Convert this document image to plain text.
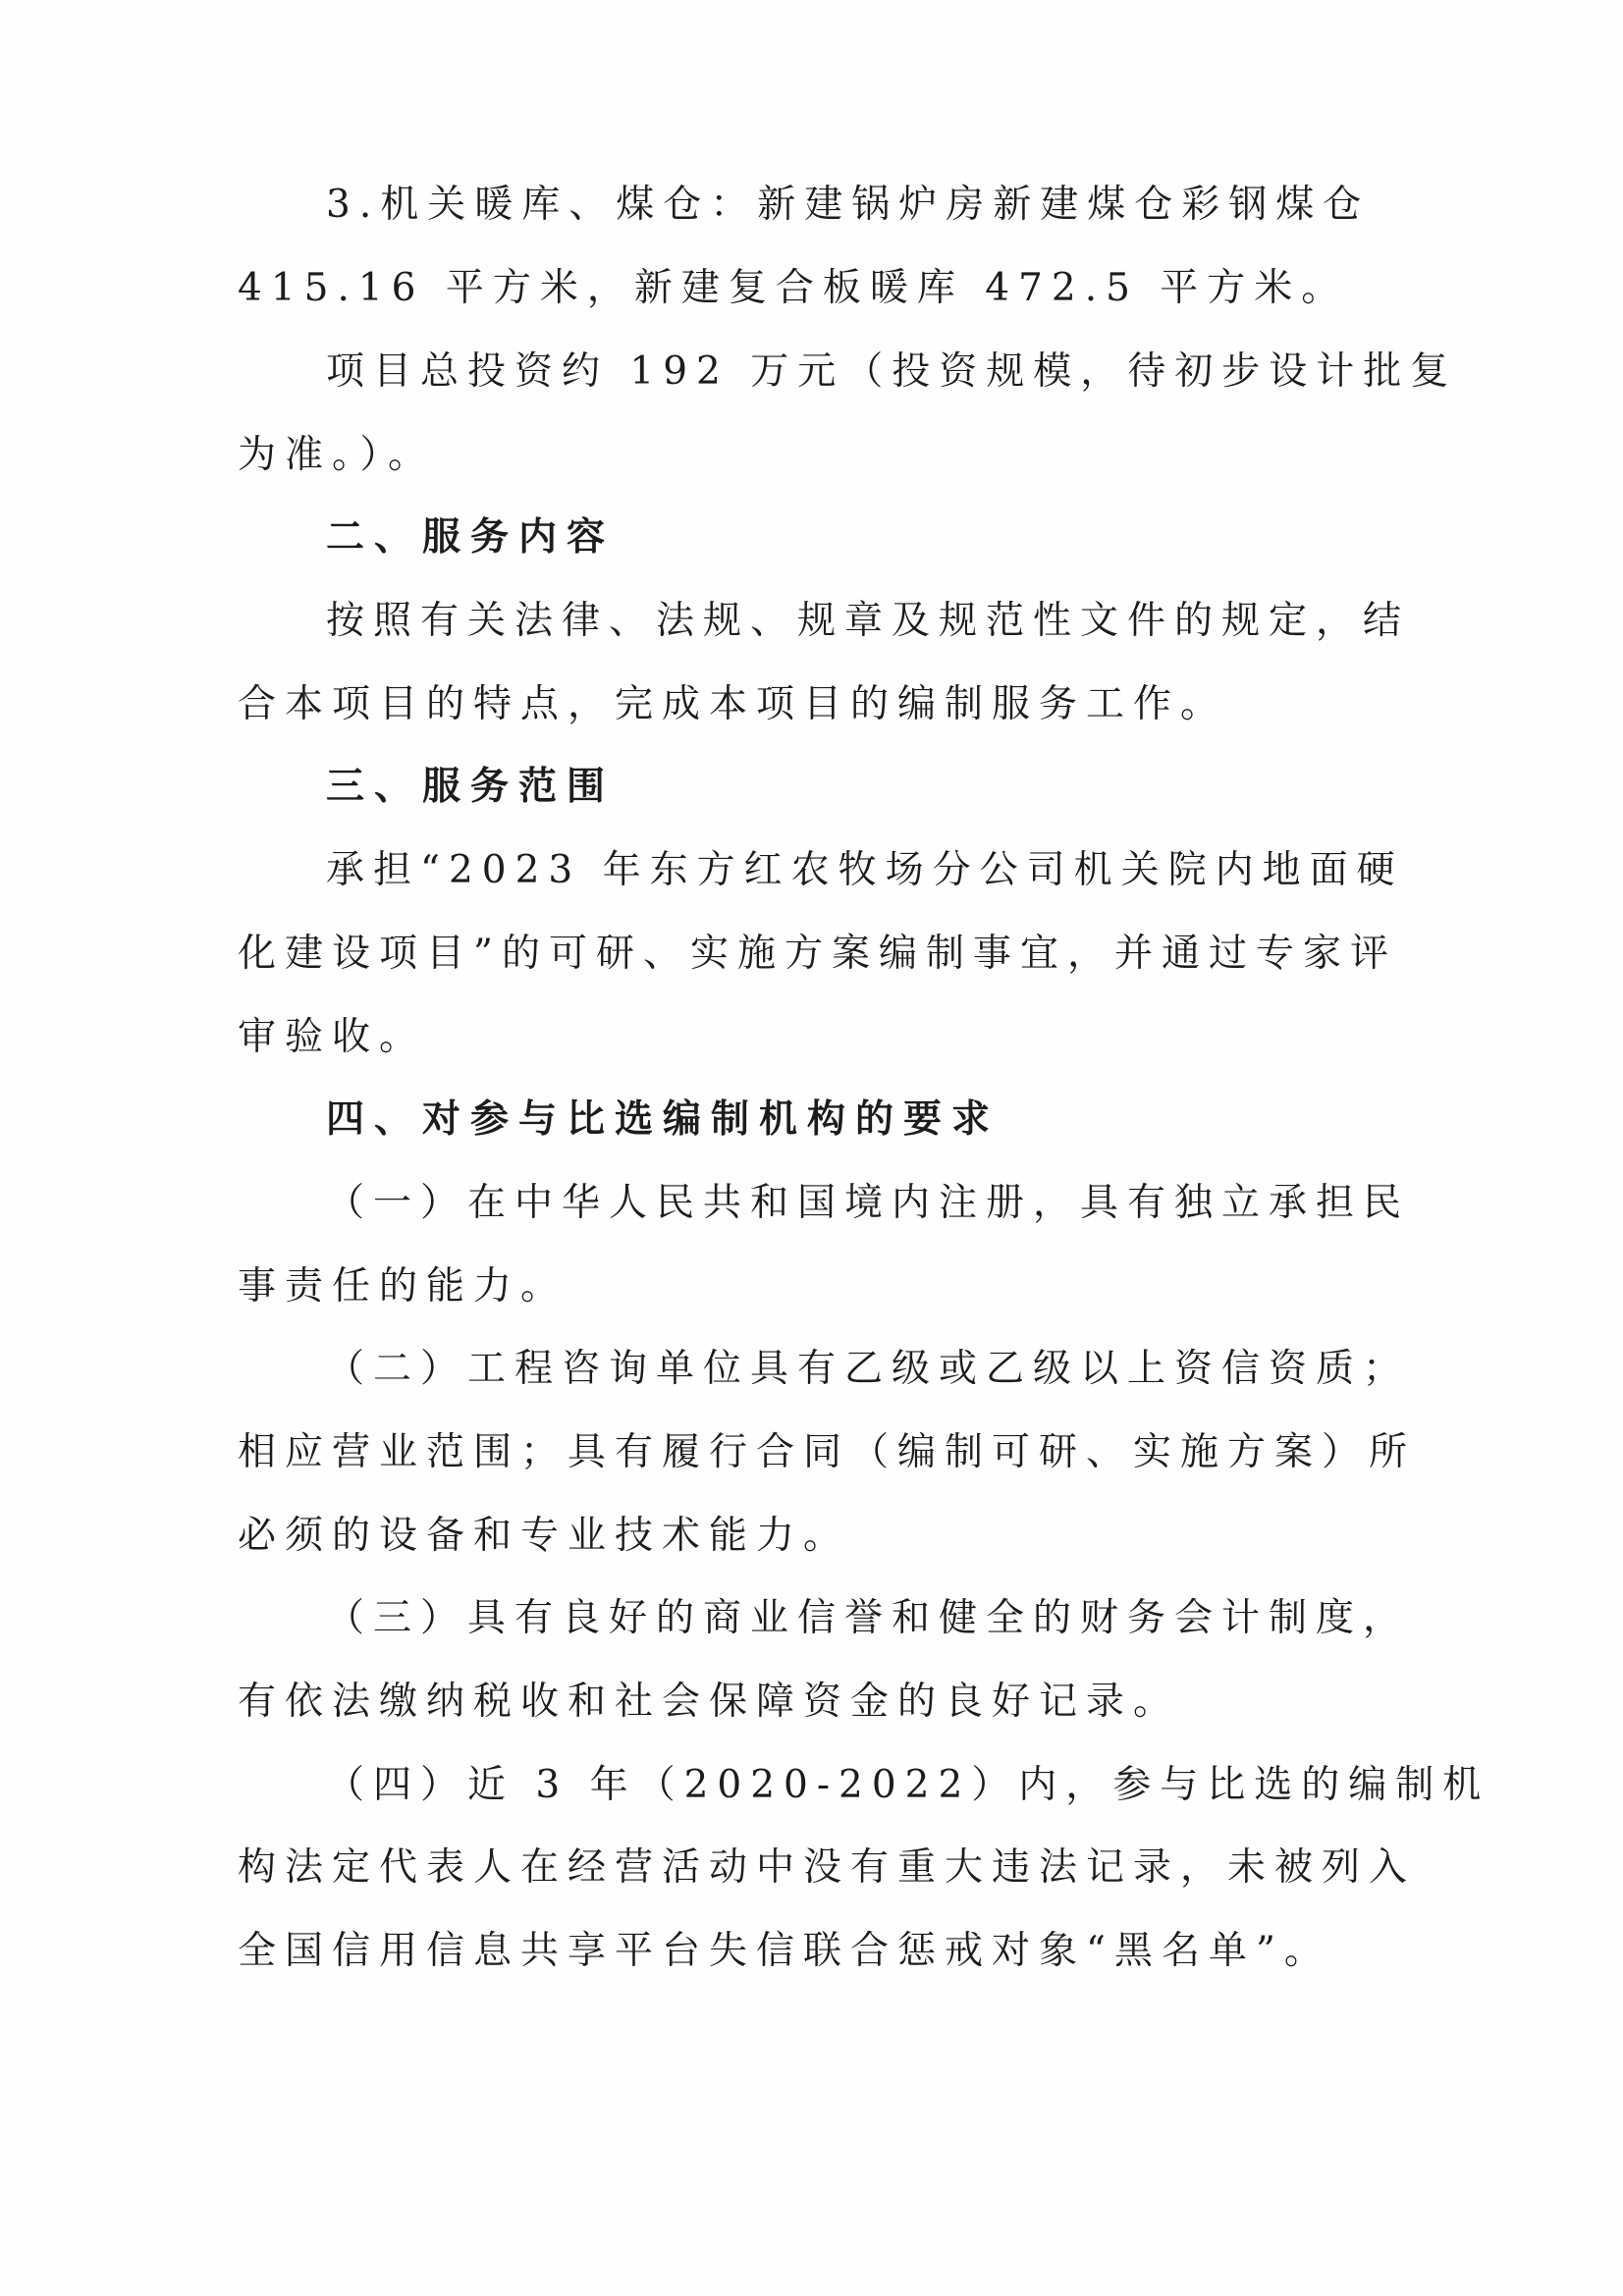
3.机关暖库、煤仓：新建锅炉房新建煤仓彩钢煤仓
415.16 平方米，新建复合板暖库 472.5 平方米。
项目总投资约 192 万元（投资规模，待初步设计批复
为准。）。
二、服务内容
按照有关法律、法规、规章及规范性文件的规定，结
合本项目的特点，完成本项目的编制服务工作。
三、服务范围
承担“2023 年东方红农牧场分公司机关院内地面硬
化建设项目”的可研、实施方案编制事宜，并通过专家评
审验收。
四、对参与比选编制机构的要求
（一）在中华人民共和国境内注册，具有独立承担民
事责任的能力。
（二）工程咨询单位具有乙级或乙级以上资信资质；
相应营业范围；具有履行合同（编制可研、实施方案）所
必须的设备和专业技术能力。
（三）具有良好的商业信誉和健全的财务会计制度，
有依法缴纳税收和社会保障资金的良好记录。
（四）近 3 年（2020-2022）内，参与比选的编制机
构法定代表人在经营活动中没有重大违法记录，未被列入
全国信用信息共享平台失信联合惩戒对象“黑名单”。
